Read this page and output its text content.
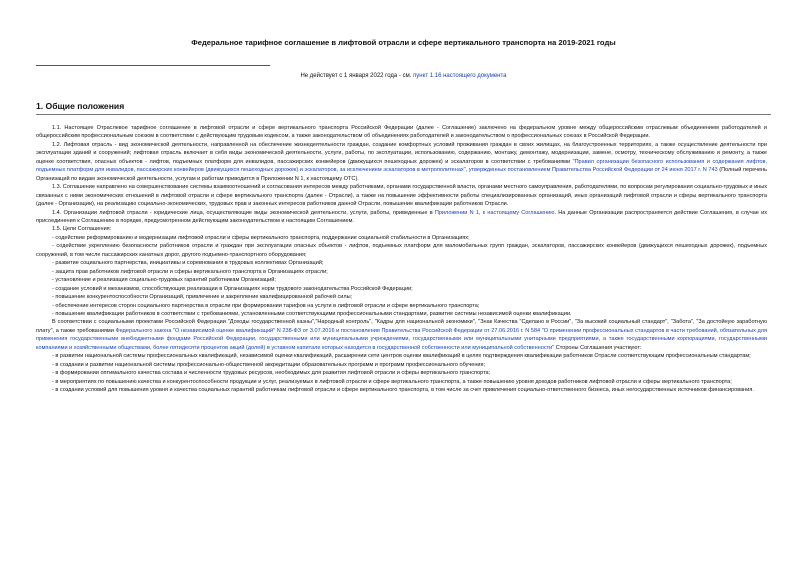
Федеральное тарифное соглашение в лифтовой отрасли и сфере вертикального транспорта на 2019-2021 годы
Не действует с 1 января 2022 года - см. пункт 1.16 настоящего документа
1. Общие положения

1.1. Настоящее Отраслевое тарифное соглашение в лифтовой отрасли и сфере вертикального транспорта Российской Федерации (далее - Соглашение) заключено на федеральном уровне между общероссийским отраслевым объединением работодателей и общероссийским профессиональным союзом в соответствии с действующим трудовым кодексом, а также законодательством об объединениях работодателей и законодательством о профессиональных союзах в Российской Федерации.

1.2. Лифтовая отрасль - вид экономической деятельности, направленной на обеспечение жизнедеятельности граждан, создание комфортных условий проживания граждан в своих жилищах, на благоустроенных территориях, а также осуществление деятельности при эксплуатации зданий и сооружений; лифтовая отрасль включает в себя виды экономической деятельности, услуги, работы, по эксплуатации, использованию, содержанию, монтажу, демонтажу, модернизации, замене, осмотру, техническому обслуживанию и ремонту, а также оценке соответствия, опасных объектов - лифтов, подъемных платформ для инвалидов, пассажирских конвейеров (движущихся пешеходных дорожек) и эскалаторов в соответствии с требованиями "Правил организации безопасного использования и содержания лифтов, подъемных платформ для инвалидов, пассажирских конвейеров (движущихся пешеходных дорожек) и эскалаторов, за исключением эскалаторов в метрополитенах", утвержденных постановлением Правительства Российской Федерации от 24 июня 2017 г. N 743 (Полный перечень Организаций по видам экономической деятельности, услугам и работам приводится в Приложении N 1, к настоящему ОТС).

1.3. Соглашение направлено на совершенствование системы взаимоотношений и согласования интересов между работниками, органами государственной власти, органами местного самоуправления, работодателями, по вопросам регулирования социально-трудовых и иных связанных с ними экономических отношений в лифтовой отрасли и сфере вертикального транспорта (далее - Отрасли), а также на повышение эффективности работы специализированных организаций, иных организаций лифтовой отрасли и сферы вертикального транспорта (далее - Организации), на реализацию социально-экономических, трудовых прав и законных интересов работников данной Отрасли, повышение квалификации работников Отрасли.

1.4. Организации лифтовой отрасли - юридические лица, осуществляющие виды экономической деятельности, услуги, работы, приведенные в Приложении N 1, к настоящему Соглашению. На данные Организации распространяется действие Соглашения, в случае их присоединения к Соглашению в порядке, предусмотренном действующим законодательством и настоящим Соглашением.

1.5. Цели Соглашения:

- содействие реформированию и модернизации лифтовой отрасли и сферы вертикального транспорта, поддержание социальной стабильности в Организациях;

- содействие укреплению безопасности работников отрасли и граждан при эксплуатации опасных объектов - лифтов, подъемных платформ для маломобильных групп граждан, эскалаторов, пассажирских конвейеров (движущихся пешеходных дорожек), подъемных сооружений, в том числе пассажирских канатных дорог, другого подъемно-транспортного оборудования;

- развитие социального партнерства, инициативы и соревнования в трудовых коллективах Организаций;

- защита прав работников лифтовой отрасли и сферы вертикального транспорта в Организациях отрасли;

- установление и реализация социально-трудовых гарантий работникам Организаций;

- создание условий и механизмов, способствующих реализации в Организациях норм трудового законодательства Российской Федерации;

- повышение конкурентоспособности Организаций, привлечение и закрепление квалифицированной рабочей силы;

- обеспечение интересов сторон социального партнерства в отрасли при формировании тарифов на услуги в лифтовой отрасли и сфере вертикального транспорта;

- повышение квалификации работников в соответствии с требованиями, установленными соответствующими профессиональными стандартами, развитие системы независимой оценки квалификации.

В соответствии с социальными проектами Российской Федерации "Доходы государственной казны","Народный контроль", "Кадры для национальной экономики", "Знак Качества "Сделано в России", "За высокий социальный стандарт", "Забота", "За достойную заработную плату", а также требованиями Федерального закона "О независимой оценке квалификаций" N 238-ФЗ от 3.07.2016 и постановления Правительства Российской Федерации от 27.06.2016 г. N 584 "О применении профессиональных стандартов в части требований, обязательных для применения государственными внебюджетными фондами Российской Федерации, государственными или муниципальными учреждениями, государственными или муниципальными унитарными предприятиями, а также государственными корпорациями, государственными компаниями и хозяйственными обществами, более пятидесяти процентов акций (долей) в уставном капитале которых находится в государственной собственности или муниципальной собственности" Стороны Соглашения участвуют:

- в развитии национальной системы профессиональных квалификаций, независимой оценки квалификаций, расширении сети центров оценки квалификаций в целях подтверждения квалификации работников Отрасли соответствующим профессиональным стандартам;

- в создании и развитии национальной системы профессионально-общественной аккредитации образовательных программ и программ профессионального обучения;

- в формировании оптимального качества состава и численности трудовых ресурсов, необходимых для развития лифтовой отрасли и сферы вертикального транспорта;

- в мероприятиях по повышению качества и конкурентоспособности продукции и услуг, реализуемых в лифтовой отрасли и сфере вертикального транспорта, а также повышению уровня доходов работников лифтовой отрасли и сферы вертикального транспорта;

- в создании условий для повышения уровня и качества социальных гарантий работникам лифтовой отрасли и сфере вертикального транспорта, в том числе за счет привлечения социально-ответственного бизнеса, иных негосударственных источников финансирования.
